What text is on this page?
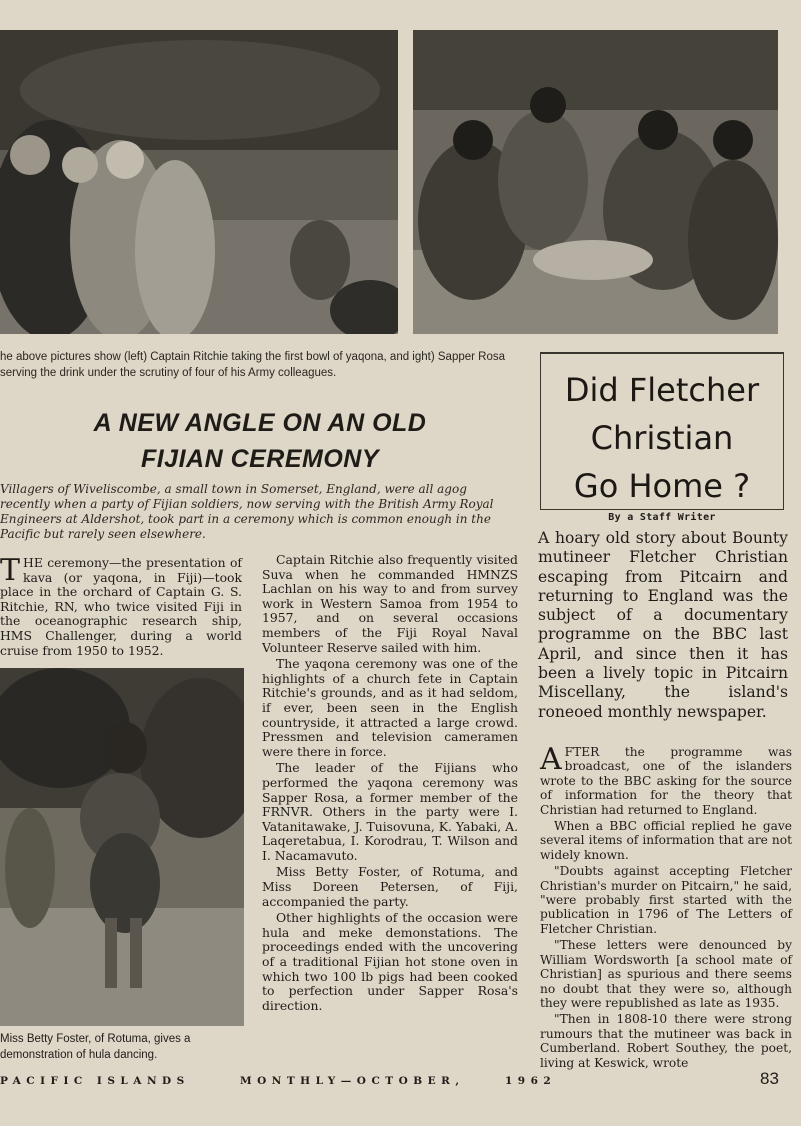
he above pictures show (left) Captain Ritchie taking the first bowl of yaqona, and ight) Sapper Rosa serving the drink under the scrutiny of four of his Army colleagues.
A NEW ANGLE ON AN OLD
FIJIAN CEREMONY
Villagers of Wiveliscombe, a small town in Somerset, England, were all agog recently when a party of Fijian soldiers, now serving with the British Army Royal Engineers at Aldershot, took part in a ceremony which is common enough in the Pacific but rarely seen elsewhere.

THE ceremony—the presentation of kava (or yaqona, in Fiji)—took place in the orchard of Captain G. S. Ritchie, RN, who twice visited Fiji in the oceanographic research ship, HMS Challenger, during a world cruise from 1950 to 1952.

Miss Betty Foster, of Rotuma, gives a demonstration of hula dancing.

Captain Ritchie also frequently visited Suva when he commanded HMNZS Lachlan on his way to and from survey work in Western Samoa from 1954 to 1957, and on several occasions members of the Fiji Royal Naval Volunteer Reserve sailed with him.

The yaqona ceremony was one of the highlights of a church fete in Captain Ritchie's grounds, and as it had seldom, if ever, been seen in the English countryside, it attracted a large crowd. Pressmen and television cameramen were there in force.

The leader of the Fijians who performed the yaqona ceremony was Sapper Rosa, a former member of the FRNVR. Others in the party were I. Vatanitawake, J. Tuisovuna, K. Yabaki, A. Laqeretabua, I. Korodrau, T. Wilson and I. Nacamavuto.

Miss Betty Foster, of Rotuma, and Miss Doreen Petersen, of Fiji, accompanied the party.

Other highlights of the occasion were hula and meke demonstations. The proceedings ended with the uncovering of a traditional Fijian hot stone oven in which two 100 lb pigs had been cooked to perfection under Sapper Rosa's direction.

Did Fletcher
Christian
Go Home ?
By a Staff Writer
A hoary old story about Bounty mutineer Fletcher Christian escaping from Pitcairn and returning to England was the subject of a documentary programme on the BBC last April, and since then it has been a lively topic in Pitcairn Miscellany, the island's roneoed monthly newspaper.

AFTER the programme was broadcast, one of the islanders wrote to the BBC asking for the source of information for the theory that Christian had returned to England.

When a BBC official replied he gave several items of information that are not widely known.

"Doubts against accepting Fletcher Christian's murder on Pitcairn," he said, "were probably first started with the publication in 1796 of The Letters of Fletcher Christian.

"These letters were denounced by William Wordsworth [a school mate of Christian] as spurious and there seems no doubt that they were so, although they were republished as late as 1935.

"Then in 1808-10 there were strong rumours that the mutineer was back in Cumberland. Robert Southey, the poet, living at Keswick, wrote

PACIFIC ISLANDS	MONTHLY—OCTOBER,	1962	83
